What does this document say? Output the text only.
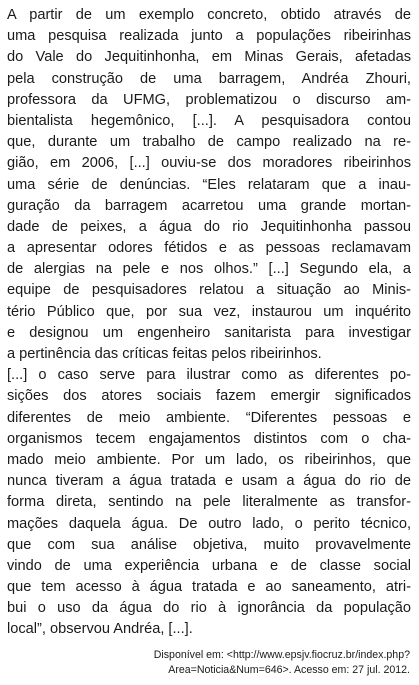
A partir de um exemplo concreto, obtido através de
uma pesquisa realizada junto a populações ribeirinhas
do Vale do Jequitinhonha, em Minas Gerais, afetadas
pela construção de uma barragem, Andréa Zhouri,
professora da UFMG, problematizou o discurso am-
bientalista hegemônico, [...]. A pesquisadora contou
que, durante um trabalho de campo realizado na re-
gião, em 2006, [...] ouviu-se dos moradores ribeirinhos
uma série de denúncias. “Eles relataram que a inau-
guração da barragem acarretou uma grande mortan-
dade de peixes, a água do rio Jequitinhonha passou
a apresentar odores fétidos e as pessoas reclamavam
de alergias na pele e nos olhos.” [...] Segundo ela, a
equipe de pesquisadores relatou a situação ao Minis-
tério Público que, por sua vez, instaurou um inquérito
e designou um engenheiro sanitarista para investigar
a pertinência das críticas feitas pelos ribeirinhos.
[...] o caso serve para ilustrar como as diferentes po-
sições dos atores sociais fazem emergir significados
diferentes de meio ambiente. “Diferentes pessoas e
organismos tecem engajamentos distintos com o cha-
mado meio ambiente. Por um lado, os ribeirinhos, que
nunca tiveram a água tratada e usam a água do rio de
forma direta, sentindo na pele literalmente as transfor-
mações daquela água. De outro lado, o perito técnico,
que com sua análise objetiva, muito provavelmente
vindo de uma experiência urbana e de classe social
que tem acesso à água tratada e ao saneamento, atri-
bui o uso da água do rio à ignorância da população
local”, observou Andréa, [...].
Disponível em: <http://www.epsjv.fiocruz.br/index.php?
Area=Noticia&Num=646>. Acesso em: 27 jul. 2012.
